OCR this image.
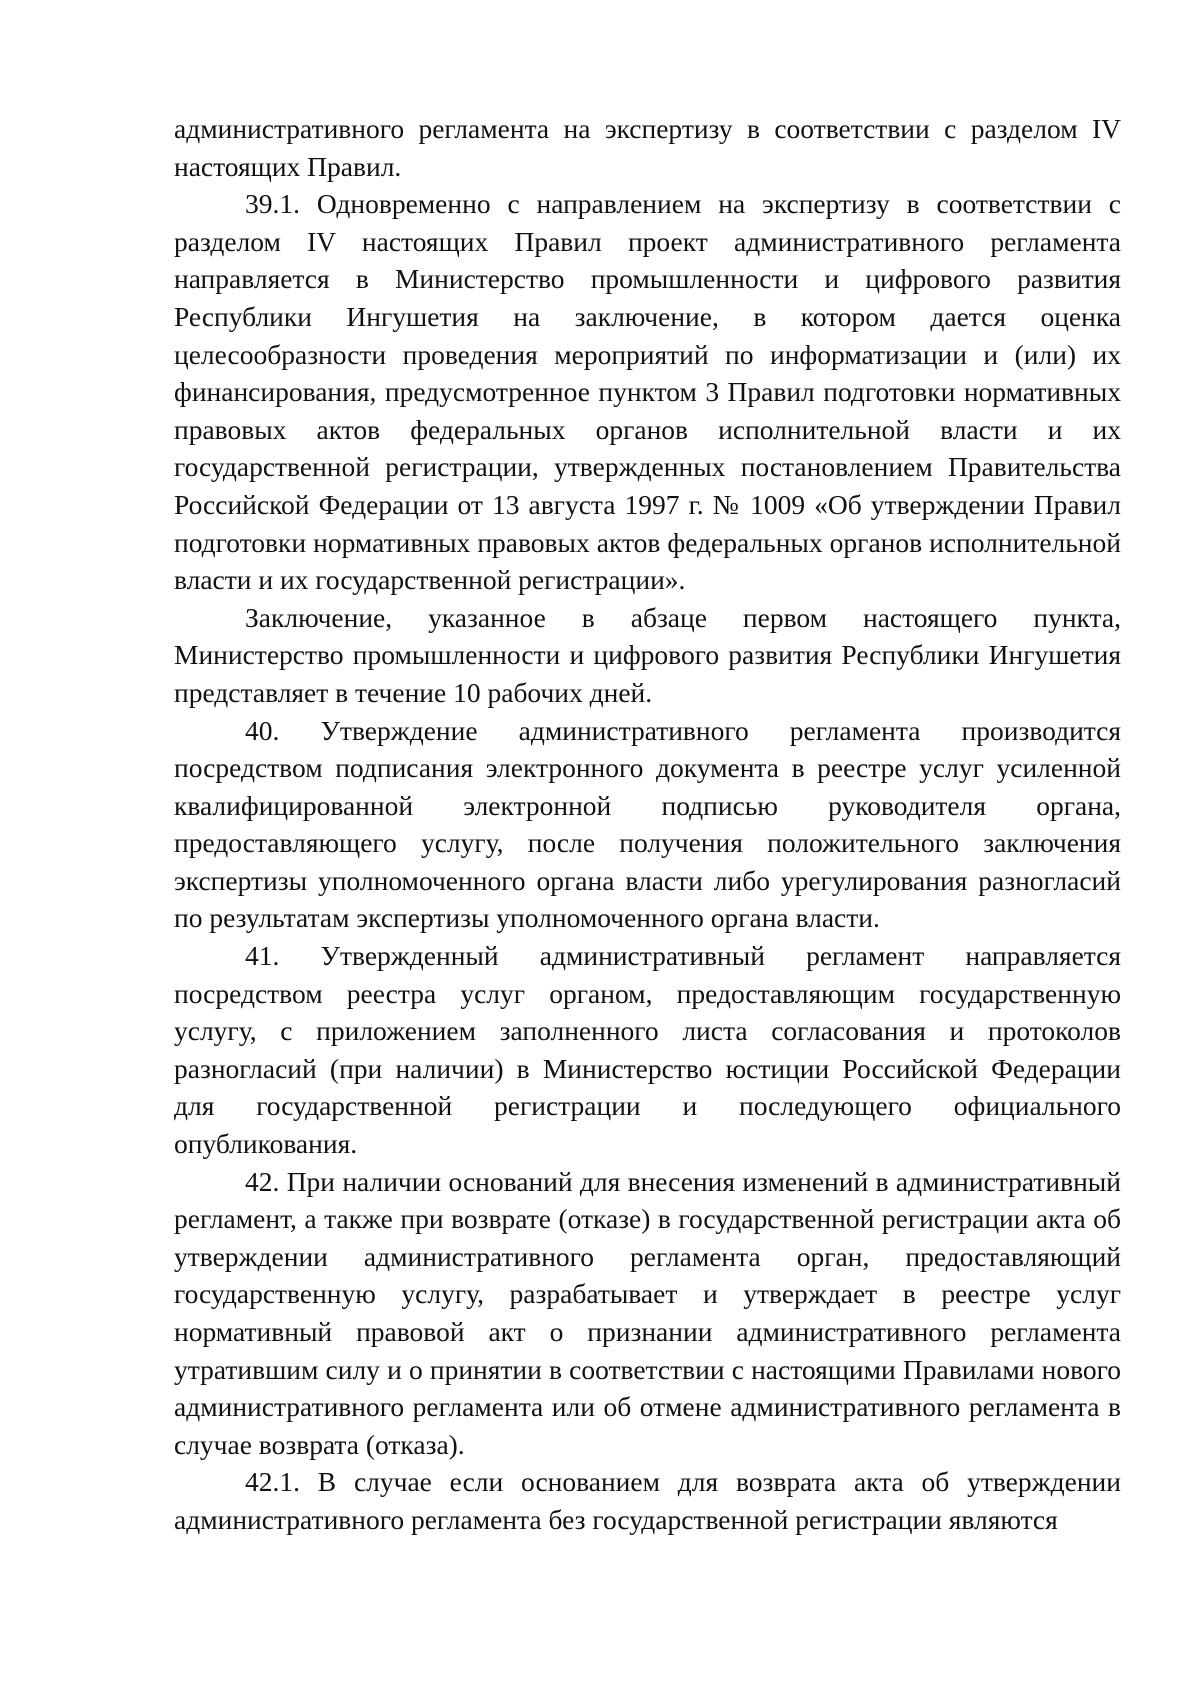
административного регламента на экспертизу в соответствии с разделом IV настоящих Правил.

39.1. Одновременно с направлением на экспертизу в соответствии с разделом IV настоящих Правил проект административного регламента направляется в Министерство промышленности и цифрового развития Республики Ингушетия на заключение, в котором дается оценка целесообразности проведения мероприятий по информатизации и (или) их финансирования, предусмотренное пунктом 3 Правил подготовки нормативных правовых актов федеральных органов исполнительной власти и их государственной регистрации, утвержденных постановлением Правительства Российской Федерации от 13 августа 1997 г. № 1009 «Об утверждении Правил подготовки нормативных правовых актов федеральных органов исполнительной власти и их государственной регистрации».

Заключение, указанное в абзаце первом настоящего пункта, Министерство промышленности и цифрового развития Республики Ингушетия представляет в течение 10 рабочих дней.

40. Утверждение административного регламента производится посредством подписания электронного документа в реестре услуг усиленной квалифицированной электронной подписью руководителя органа, предоставляющего услугу, после получения положительного заключения экспертизы уполномоченного органа власти либо урегулирования разногласий по результатам экспертизы уполномоченного органа власти.

41. Утвержденный административный регламент направляется посредством реестра услуг органом, предоставляющим государственную услугу, с приложением заполненного листа согласования и протоколов разногласий (при наличии) в Министерство юстиции Российской Федерации для государственной регистрации и последующего официального опубликования.

42. При наличии оснований для внесения изменений в административный регламент, а также при возврате (отказе) в государственной регистрации акта об утверждении административного регламента орган, предоставляющий государственную услугу, разрабатывает и утверждает в реестре услуг нормативный правовой акт о признании административного регламента утратившим силу и о принятии в соответствии с настоящими Правилами нового административного регламента или об отмене административного регламента в случае возврата (отказа).

42.1. В случае если основанием для возврата акта об утверждении административного регламента без государственной регистрации являются
